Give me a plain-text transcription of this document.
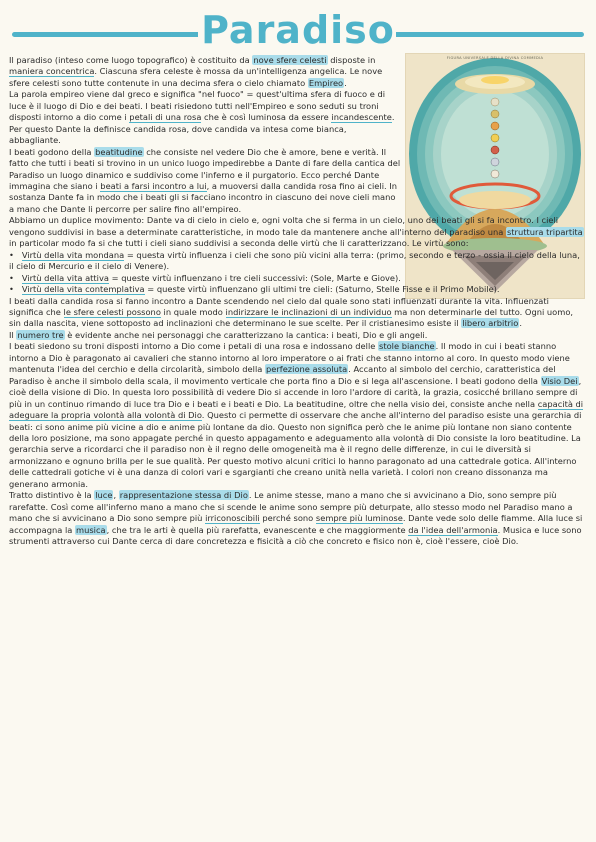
Paradiso
FIGURA UNIVERSALE DELLA DIVINA COMMEDIA

Il paradiso (inteso come luogo topografico) è costituito da nove sfere celesti disposte in maniera concentrica. Ciascuna sfera celeste è mossa da un'intelligenza angelica. Le nove sfere celesti sono tutte contenute in una decima sfera o cielo chiamato Empireo.

La parola empireo viene dal greco e significa "nel fuoco" = quest'ultima sfera di fuoco e di luce è il luogo di Dio e dei beati. I beati risiedono tutti nell'Empireo e sono seduti su troni disposti intorno a dio come i petali di una rosa che è così luminosa da essere incandescente. Per questo Dante la definisce candida rosa, dove candida va intesa come bianca, abbagliante.

I beati godono della beatitudine che consiste nel vedere Dio che è amore, bene e verità. Il fatto che tutti i beati si trovino in un unico luogo impedirebbe a Dante di fare della cantica del Paradiso un luogo dinamico e suddiviso come l'inferno e il purgatorio. Ecco perché Dante immagina che siano i beati a farsi incontro a lui, a muoversi dalla candida rosa fino ai cieli. In sostanza Dante fa in modo che i beati gli si facciano incontro in ciascuno dei nove cieli mano a mano che Dante li percorre per salire fino all'empireo.

Abbiamo un duplice movimento: Dante va di cielo in cielo e, ogni volta che si ferma in un cielo, uno dei beati gli si fa incontro. I cieli vengono suddivisi in base a determinate caratteristiche, in modo tale da mantenere anche all'interno del paradiso una struttura tripartita in particolar modo fa si che tutti i cieli siano suddivisi a seconda delle virtù che li caratterizzano. Le virtù sono:

• Virtù della vita mondana = questa virtù influenza i cieli che sono più vicini alla terra: (primo, secondo e terzo - ossia il cielo della luna, il cielo di Mercurio e il cielo di Venere).
• Virtù della vita attiva = queste virtù influenzano i tre cieli successivi: (Sole, Marte e Giove).
• Virtù della vita contemplativa = queste virtù influenzano gli ultimi tre cieli: (Saturno, Stelle Fisse e il Primo Mobile).

I beati dalla candida rosa si fanno incontro a Dante scendendo nel cielo dal quale sono stati influenzati durante la vita. Influenzati significa che le sfere celesti possono in quale modo indirizzare le inclinazioni di un individuo ma non determinarle del tutto. Ogni uomo, sin dalla nascita, viene sottoposto ad inclinazioni che determinano le sue scelte. Per il cristianesimo esiste il libero arbitrio.

Il numero tre è evidente anche nei personaggi che caratterizzano la cantica: i beati, Dio e gli angeli.

I beati siedono su troni disposti intorno a Dio come i petali di una rosa e indossano delle stole bianche. Il modo in cui i beati stanno intorno a Dio è paragonato ai cavalieri che stanno intorno al loro imperatore o ai frati che stanno intorno al coro. In questo modo viene mantenuta l'idea del cerchio e della circolarità, simbolo della perfezione assoluta. Accanto al simbolo del cerchio, caratteristica del Paradiso è anche il simbolo della scala, il movimento verticale che porta fino a Dio e si lega all'ascensione. I beati godono della Visio Dei, cioè della visione di Dio. In questa loro possibilità di vedere Dio si accende in loro l'ardore di carità, la grazia, cosicché brillano sempre di più in un continuo rimando di luce tra Dio e i beati e i beati e Dio. La beatitudine, oltre che nella visio dei, consiste anche nella capacità di adeguare la propria volontà alla volontà di Dio. Questo ci permette di osservare che anche all'interno del paradiso esiste una gerarchia di beati: ci sono anime più vicine a dio e anime più lontane da dio. Questo non significa però che le anime più lontane non siano contente della loro posizione, ma sono appagate perché in questo appagamento e adeguamento alla volontà di Dio consiste la loro beatitudine. La gerarchia serve a ricordarci che il paradiso non è il regno delle omogeneità ma è il regno delle differenze, in cui le diversità si armonizzano e ognuno brilla per le sue qualità. Per questo motivo alcuni critici lo hanno paragonato ad una cattedrale gotica. All'interno delle cattedrali gotiche vi è una danza di colori vari e sgargianti che creano unità nella varietà. I colori non creano dissonanza ma generano armonia.

Tratto distintivo è la luce, rappresentazione stessa di Dio. Le anime stesse, mano a mano che si avvicinano a Dio, sono sempre più rarefatte. Così come all'inferno mano a mano che si scende le anime sono sempre più deturpate, allo stesso modo nel Paradiso mano a mano che si avvicinano a Dio sono sempre più irriconoscibili perché sono sempre più luminose. Dante vede solo delle fiamme. Alla luce si accompagna la musica, che tra le arti è quella più rarefatta, evanescente e che maggiormente da l'idea dell'armonia. Musica e luce sono strumenti attraverso cui Dante cerca di dare concretezza e fisicità a ciò che concreto e fisico non è, cioè l'essere, cioè Dio.
